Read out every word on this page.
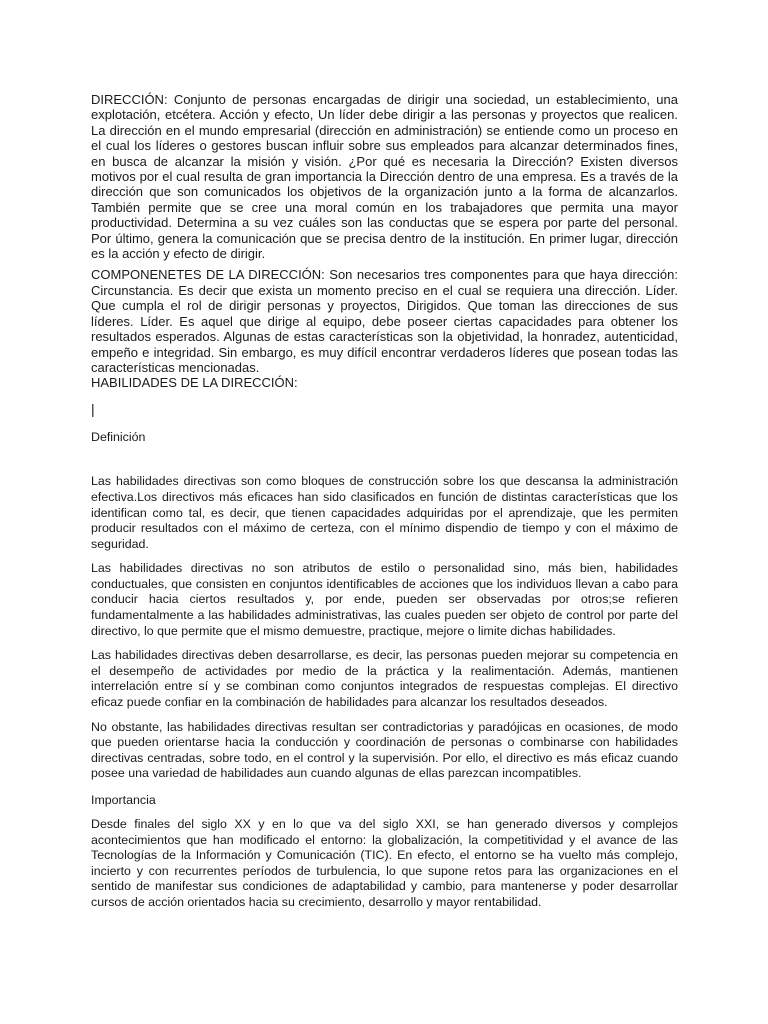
DIRECCIÓN: Conjunto de personas encargadas de dirigir una sociedad, un establecimiento, una explotación, etcétera. Acción y efecto, Un líder debe dirigir a las personas y proyectos que realicen. La dirección en el mundo empresarial (dirección en administración) se entiende como un proceso en el cual los líderes o gestores buscan influir sobre sus empleados para alcanzar determinados fines, en busca de alcanzar la misión y visión. ¿Por qué es necesaria la Dirección? Existen diversos motivos por el cual resulta de gran importancia la Dirección dentro de una empresa. Es a través de la dirección que son comunicados los objetivos de la organización junto a la forma de alcanzarlos. También permite que se cree una moral común en los trabajadores que permita una mayor productividad. Determina a su vez cuáles son las conductas que se espera por parte del personal. Por último, genera la comunicación que se precisa dentro de la institución. En primer lugar, dirección es la acción y efecto de dirigir.

COMPONENETES DE LA DIRECCIÓN: Son necesarios tres componentes para que haya dirección: Circunstancia. Es decir que exista un momento preciso en el cual se requiera una dirección. Líder. Que cumpla el rol de dirigir personas y proyectos, Dirigidos. Que toman las direcciones de sus líderes. Líder. Es aquel que dirige al equipo, debe poseer ciertas capacidades para obtener los resultados esperados. Algunas de estas características son la objetividad, la honradez, autenticidad, empeño e integridad. Sin embargo, es muy difícil encontrar verdaderos líderes que posean todas las características mencionadas.

HABILIDADES DE LA DIRECCIÓN:

|

Definición

Las habilidades directivas son como bloques de construcción sobre los que descansa la administración efectiva.Los directivos más eficaces han sido clasificados en función de distintas características que los identifican como tal, es decir, que tienen capacidades adquiridas por el aprendizaje, que les permiten producir resultados con el máximo de certeza, con el mínimo dispendio de tiempo y con el máximo de seguridad.

Las habilidades directivas no son atributos de estilo o personalidad sino, más bien, habilidades conductuales, que consisten en conjuntos identificables de acciones que los individuos llevan a cabo para conducir hacia ciertos resultados y, por ende, pueden ser observadas por otros;se refieren fundamentalmente a las habilidades administrativas, las cuales pueden ser objeto de control por parte del directivo, lo que permite que el mismo demuestre, practique, mejore o limite dichas habilidades.

Las habilidades directivas deben desarrollarse, es decir, las personas pueden mejorar su competencia en el desempeño de actividades por medio de la práctica y la realimentación. Además, mantienen interrelación entre sí y se combinan como conjuntos integrados de respuestas complejas. El directivo eficaz puede confiar en la combinación de habilidades para alcanzar los resultados deseados.

No obstante, las habilidades directivas resultan ser contradictorias y paradójicas en ocasiones, de modo que pueden orientarse hacia la conducción y coordinación de personas o combinarse con habilidades directivas centradas, sobre todo, en el control y la supervisión. Por ello, el directivo es más eficaz cuando posee una variedad de habilidades aun cuando algunas de ellas parezcan incompatibles.

Importancia

Desde finales del siglo XX y en lo que va del siglo XXI, se han generado diversos y complejos acontecimientos que han modificado el entorno: la globalización, la competitividad y el avance de las Tecnologías de la Información y Comunicación (TIC). En efecto, el entorno se ha vuelto más complejo, incierto y con recurrentes períodos de turbulencia, lo que supone retos para las organizaciones en el sentido de manifestar sus condiciones de adaptabilidad y cambio, para mantenerse y poder desarrollar cursos de acción orientados hacia su crecimiento, desarrollo y mayor rentabilidad.
